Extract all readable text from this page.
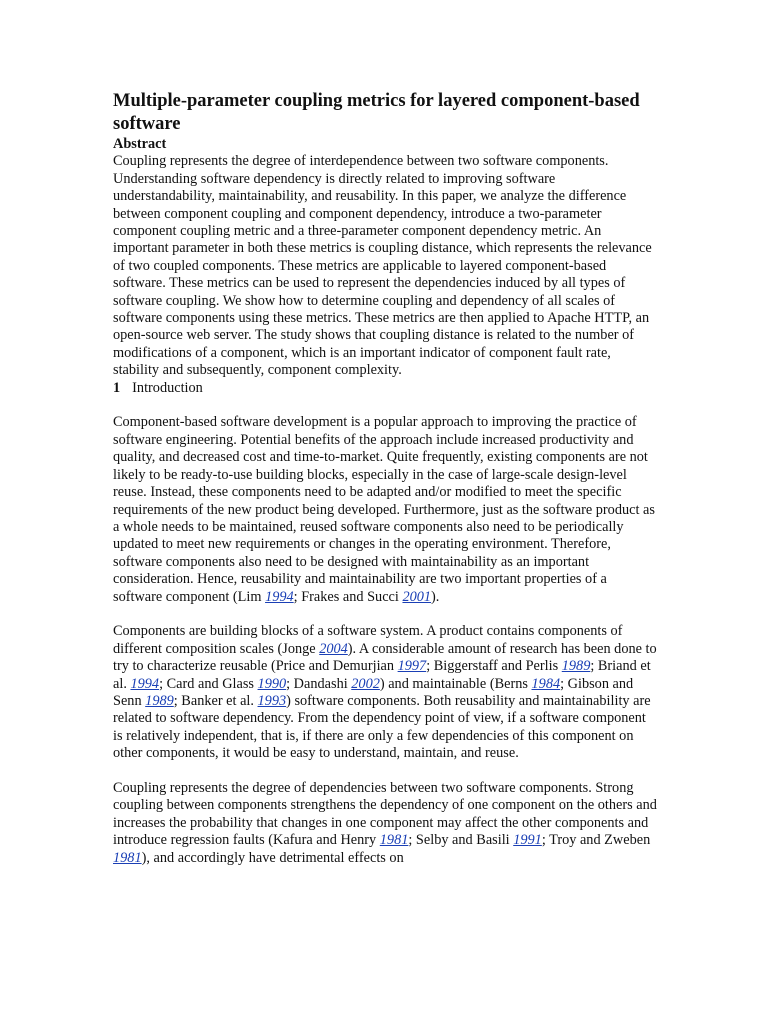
Multiple-parameter coupling metrics for layered component-based software
Abstract

Coupling represents the degree of interdependence between two software components. Understanding software dependency is directly related to improving software understandability, maintainability, and reusability. In this paper, we analyze the difference between component coupling and component dependency, introduce a two-parameter component coupling metric and a three-parameter component dependency metric. An important parameter in both these metrics is coupling distance, which represents the relevance of two coupled components. These metrics are applicable to layered component-based software. These metrics can be used to represent the dependencies induced by all types of software coupling. We show how to determine coupling and dependency of all scales of software components using these metrics. These metrics are then applied to Apache HTTP, an open-source web server. The study shows that coupling distance is related to the number of modifications of a component, which is an important indicator of component fault rate, stability and subsequently, component complexity.

1 Introduction

Component-based software development is a popular approach to improving the practice of software engineering. Potential benefits of the approach include increased productivity and quality, and decreased cost and time-to-market. Quite frequently, existing components are not likely to be ready-to-use building blocks, especially in the case of large-scale design-level reuse. Instead, these components need to be adapted and/or modified to meet the specific requirements of the new product being developed. Furthermore, just as the software product as a whole needs to be maintained, reused software components also need to be periodically updated to meet new requirements or changes in the operating environment. Therefore, software components also need to be designed with maintainability as an important consideration. Hence, reusability and maintainability are two important properties of a software component (Lim 1994; Frakes and Succi 2001).

Components are building blocks of a software system. A product contains components of different composition scales (Jonge 2004). A considerable amount of research has been done to try to characterize reusable (Price and Demurjian 1997; Biggerstaff and Perlis 1989; Briand et al. 1994; Card and Glass 1990; Dandashi 2002) and maintainable (Berns 1984; Gibson and Senn 1989; Banker et al. 1993) software components. Both reusability and maintainability are related to software dependency. From the dependency point of view, if a software component is relatively independent, that is, if there are only a few dependencies of this component on other components, it would be easy to understand, maintain, and reuse.

Coupling represents the degree of dependencies between two software components. Strong coupling between components strengthens the dependency of one component on the others and increases the probability that changes in one component may affect the other components and introduce regression faults (Kafura and Henry 1981; Selby and Basili 1991; Troy and Zweben 1981), and accordingly have detrimental effects on
